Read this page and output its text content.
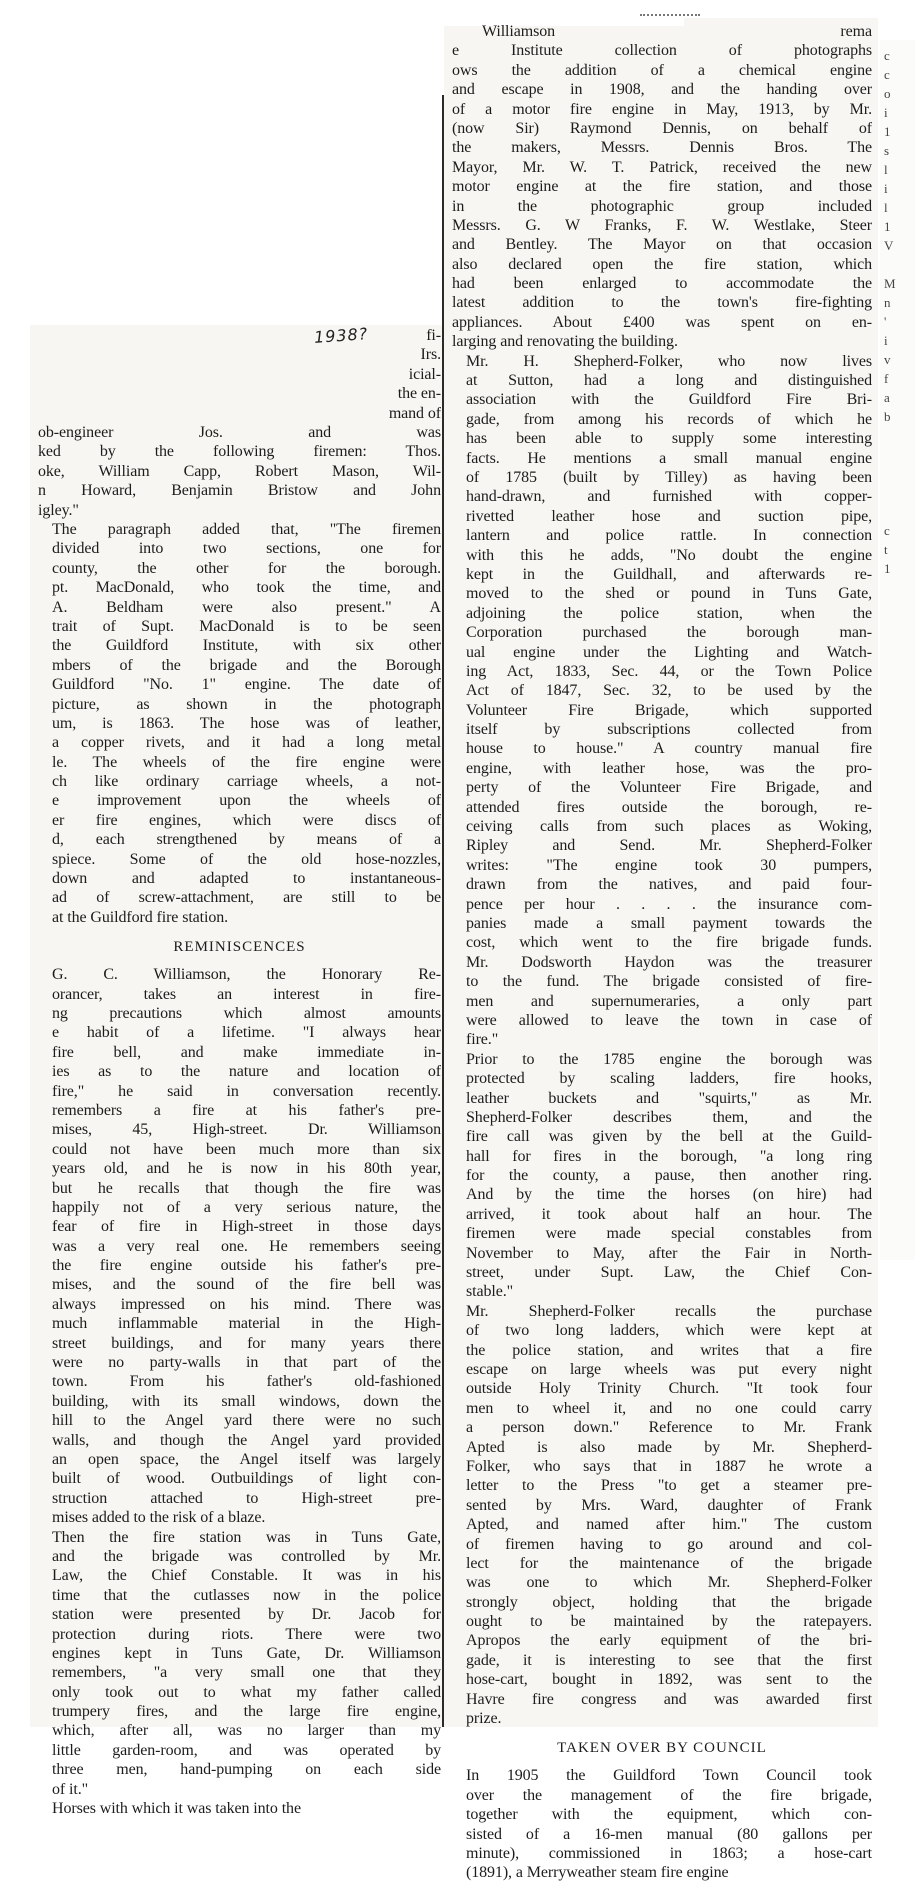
1938?	fi-
Irs.
icial-
the en-
mand of
ob-engineer Jos. and was
ked by the following firemen: Thos.
oke, William Capp, Robert Mason, Wil-
n Howard, Benjamin Bristow and John
igley."
The paragraph added that, "The firemen
divided into two sections, one for
county, the other for the borough.
pt. MacDonald, who took the time, and
A. Beldham were also present." A
trait of Supt. MacDonald is to be seen
the Guildford Institute, with six other
mbers of the brigade and the Borough
Guildford "No. 1" engine. The date of
picture, as shown in the photograph
um, is 1863. The hose was of leather,
a copper rivets, and it had a long metal
le. The wheels of the fire engine were
ch like ordinary carriage wheels, a not-
e improvement upon the wheels of
er fire engines, which were discs of
d, each strengthened by means of a
spiece. Some of the old hose-nozzles,
down and adapted to instantaneous-
ad of screw-attachment, are still to be
at the Guildford fire station.
REMINISCENCES
G. C. Williamson, the Honorary Re-
orancer, takes an interest in fire-
ng precautions which almost amounts
e habit of a lifetime. "I always hear
fire bell, and make immediate in-
ies as to the nature and location of
fire," he said in conversation recently.
remembers a fire at his father's pre-
mises, 45, High-street. Dr. Williamson
could not have been much more than six
years old, and he is now in his 80th year,
but he recalls that though the fire was
happily not of a very serious nature, the
fear of fire in High-street in those days
was a very real one. He remembers seeing
the fire engine outside his father's pre-
mises, and the sound of the fire bell was
always impressed on his mind. There was
much inflammable material in the High-
street buildings, and for many years there
were no party-walls in that part of the
town. From his father's old-fashioned
building, with its small windows, down the
hill to the Angel yard there were no such
walls, and though the Angel yard provided
an open space, the Angel itself was largely
built of wood. Outbuildings of light con-
struction attached to High-street pre-
mises added to the risk of a blaze.
Then the fire station was in Tuns Gate,
and the brigade was controlled by Mr.
Law, the Chief Constable. It was in his
time that the cutlasses now in the police
station were presented by Dr. Jacob for
protection during riots. There were two
engines kept in Tuns Gate, Dr. Williamson
remembers, "a very small one that they
only took out to what my father called
trumpery fires, and the large fire engine,
which, after all, was no larger than my
little garden-room, and was operated by
three men, hand-pumping on each side
of it."
Horses with which it was taken into the
Williamson rema
e Institute collection of photographs
ows the addition of a chemical engine
and escape in 1908, and the handing over
of a motor fire engine in May, 1913, by Mr.
(now Sir) Raymond Dennis, on behalf of
the makers, Messrs. Dennis Bros. The
Mayor, Mr. W. T. Patrick, received the new
motor engine at the fire station, and those
in the photographic group included
Messrs. G. W Franks, F. W. Westlake, Steer
and Bentley. The Mayor on that occasion
also declared open the fire station, which
had been enlarged to accommodate the
latest addition to the town's fire-fighting
appliances. About £400 was spent on en-
larging and renovating the building.
Mr. H. Shepherd-Folker, who now lives
at Sutton, had a long and distinguished
association with the Guildford Fire Bri-
gade, from among his records of which he
has been able to supply some interesting
facts. He mentions a small manual engine
of 1785 (built by Tilley) as having been
hand-drawn, and furnished with copper-
rivetted leather hose and suction pipe,
lantern and police rattle. In connection
with this he adds, "No doubt the engine
kept in the Guildhall, and afterwards re-
moved to the shed or pound in Tuns Gate,
adjoining the police station, when the
Corporation purchased the borough man-
ual engine under the Lighting and Watch-
ing Act, 1833, Sec. 44, or the Town Police
Act of 1847, Sec. 32, to be used by the
Volunteer Fire Brigade, which supported
itself by subscriptions collected from
house to house." A country manual fire
engine, with leather hose, was the pro-
perty of the Volunteer Fire Brigade, and
attended fires outside the borough, re-
ceiving calls from such places as Woking,
Ripley and Send. Mr. Shepherd-Folker
writes: "The engine took 30 pumpers,
drawn from the natives, and paid four-
pence per hour . . . . the insurance com-
panies made a small payment towards the
cost, which went to the fire brigade funds.
Mr. Dodsworth Haydon was the treasurer
to the fund. The brigade consisted of fire-
men and supernumeraries, a only part
were allowed to leave the town in case of
fire."
Prior to the 1785 engine the borough was
protected by scaling ladders, fire hooks,
leather buckets and "squirts," as Mr.
Shepherd-Folker describes them, and the
fire call was given by the bell at the Guild-
hall for fires in the borough, "a long ring
for the county, a pause, then another ring.
And by the time the horses (on hire) had
arrived, it took about half an hour. The
firemen were made special constables from
November to May, after the Fair in North-
street, under Supt. Law, the Chief Con-
stable."
Mr. Shepherd-Folker recalls the purchase
of two long ladders, which were kept at
the police station, and writes that a fire
escape on large wheels was put every night
outside Holy Trinity Church. "It took four
men to wheel it, and no one could carry
a person down." Reference to Mr. Frank
Apted is also made by Mr. Shepherd-
Folker, who says that in 1887 he wrote a
letter to the Press "to get a steamer pre-
sented by Mrs. Ward, daughter of Frank
Apted, and named after him." The custom
of firemen having to go around and col-
lect for the maintenance of the brigade
was one to which Mr. Shepherd-Folker
strongly object, holding that the brigade
ought to be maintained by the ratepayers.
Apropos the early equipment of the bri-
gade, it is interesting to see that the first
hose-cart, bought in 1892, was sent to the
Havre fire congress and was awarded first
prize.
TAKEN OVER BY COUNCIL
In 1905 the Guildford Town Council took
over the management of the fire brigade,
together with the equipment, which con-
sisted of a 16-men manual (80 gallons per
minute), commissioned in 1863; a hose-cart
(1891), a Merryweather steam fire engine
c
c
o
i
1
s
l
i
l
1
V

M
n
'
i
v
f
a
b

c
t
1
